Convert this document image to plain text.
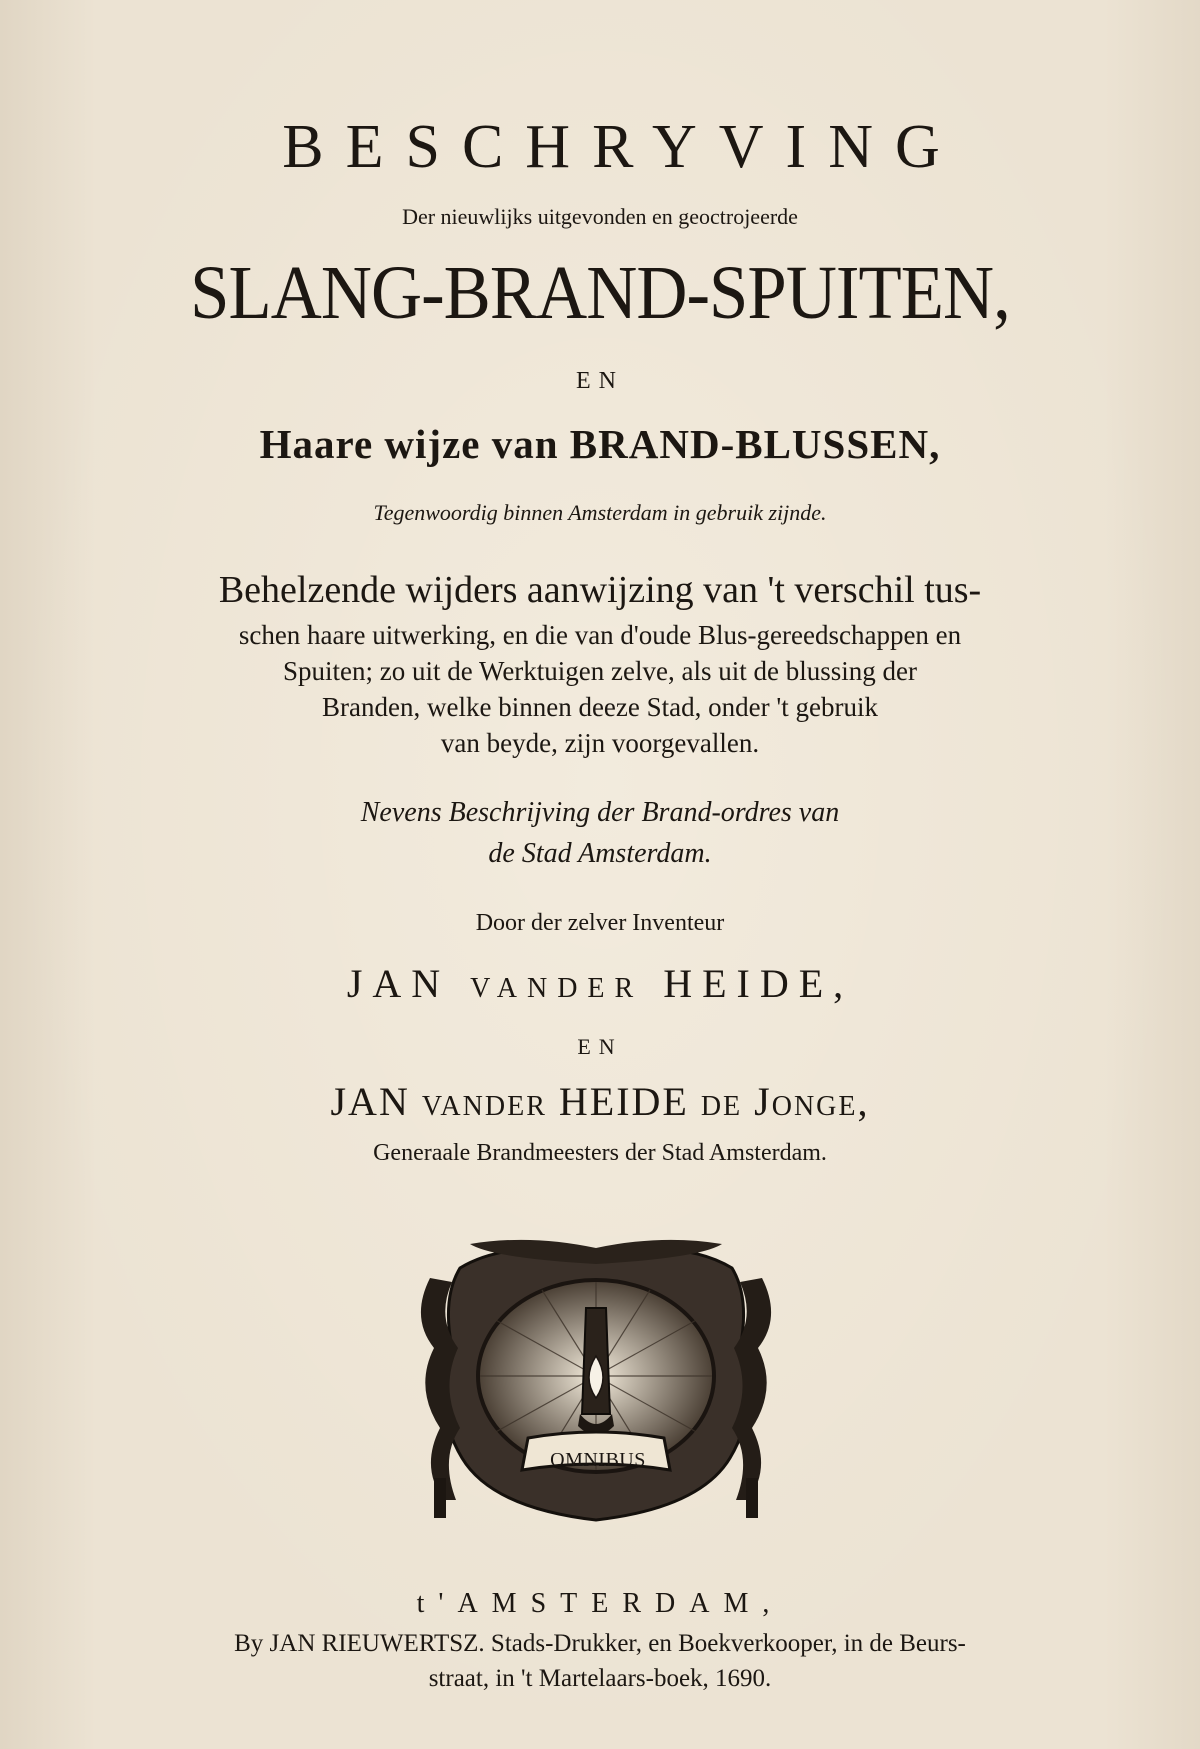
BESCHRYVING
Der nieuwlijks uitgevonden en geoctrojeerde
SLANG-BRAND-SPUITEN,
EN
Haare wijze van BRAND-BLUSSEN,
Tegenwoordig binnen Amsterdam in gebruik zijnde.
Behelzende wijders aanwijzing van 't verschil tus-
schen haare uitwerking, en die van d'oude Blus-gereedschappen en
Spuiten; zo uit de Werktuigen zelve, als uit de blussing der
Branden, welke binnen deeze Stad, onder 't gebruik
van beyde, zijn voorgevallen.
Nevens Beschrijving der Brand-ordres van
de Stad Amsterdam.
Door der zelver Inventeur
JAN vander HEIDE,
EN
JAN vander HEIDE de Jonge,
Generaale Brandmeesters der Stad Amsterdam.
OMNIBUS
t'AMSTERDAM,
By JAN RIEUWERTSZ. Stads-Drukker, en Boekverkooper, in de Beurs-
straat, in 't Martelaars-boek, 1690.
